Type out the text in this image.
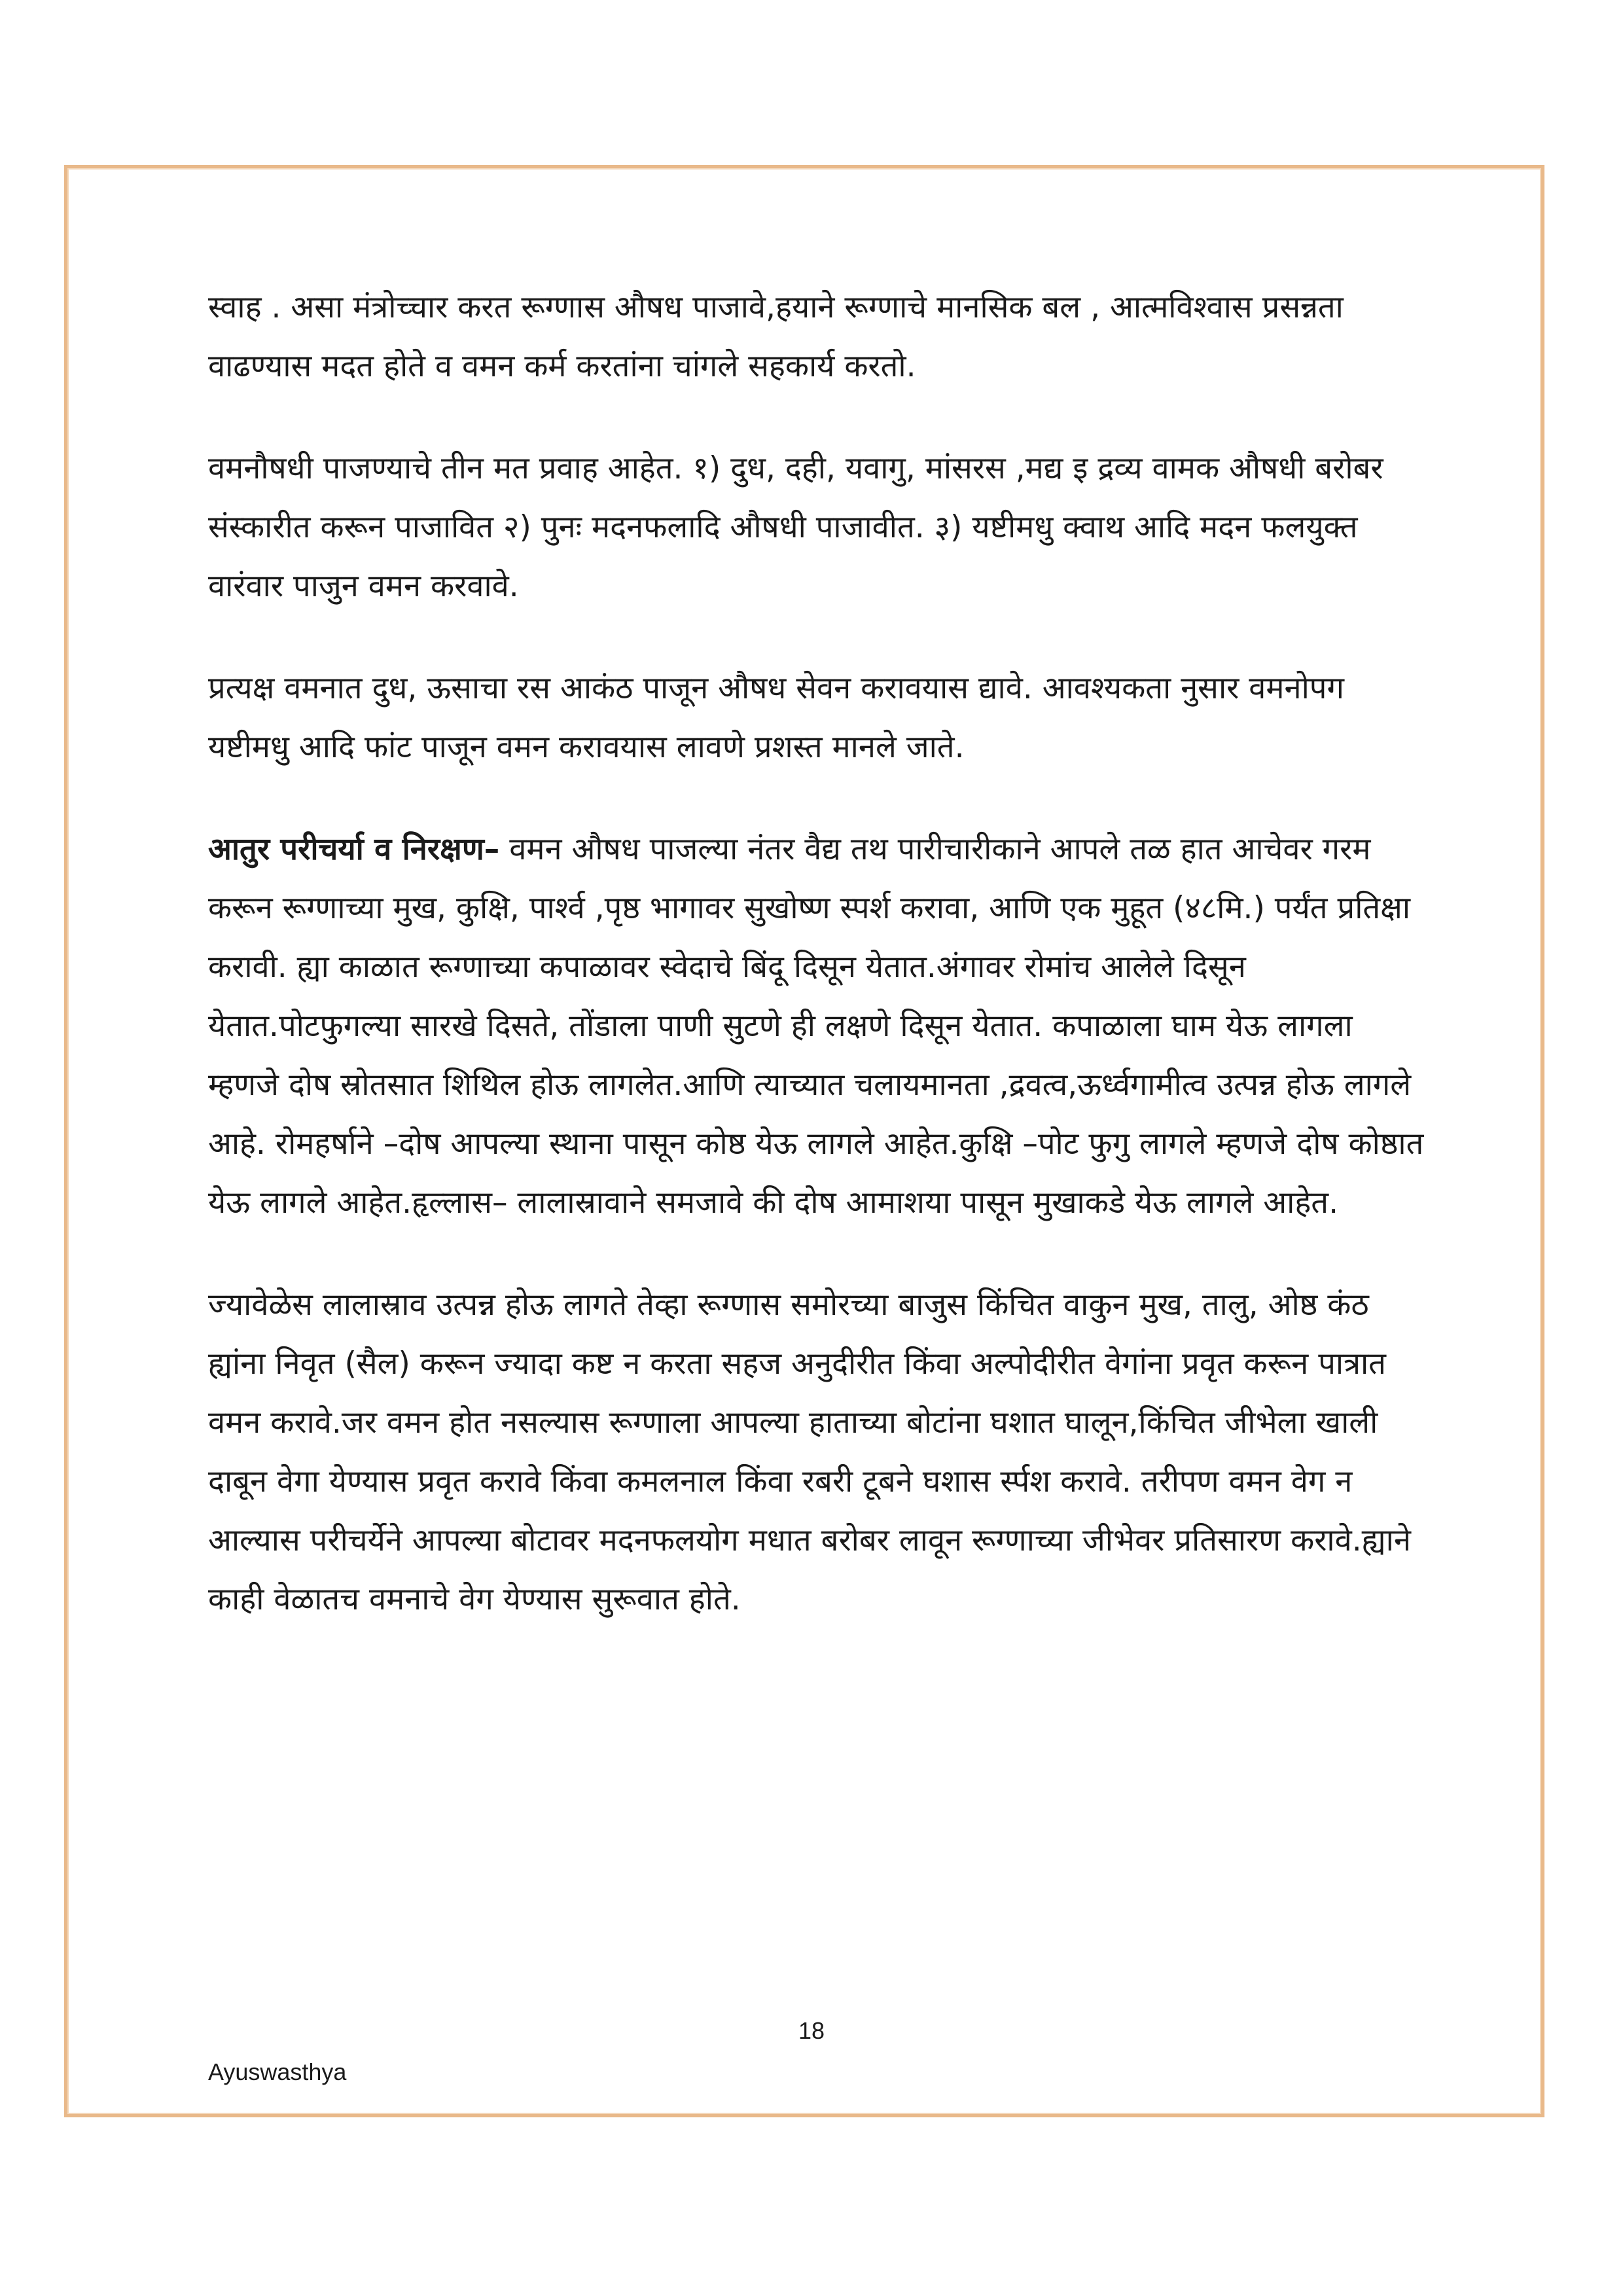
स्वाह . असा मंत्रोच्चार करत रूग्णास औषध पाजावे,हयाने रूग्णाचे मानसिक बल , आत्मविश्वास प्रसन्नता वाढण्यास मदत होते व वमन कर्म करतांना चांगले सहकार्य करतो.

वमनौषधी पाजण्याचे तीन मत प्रवाह आहेत. १) दुध, दही, यवागु, मांसरस ,मद्य इ द्रव्य वामक औषधी बरोबर संस्कारीत करून पाजावित २) पुनः मदनफलादि औषधी पाजावीत. ३) यष्टीमधु क्वाथ आदि मदन फलयुक्त वारंवार पाजुन वमन करवावे.

प्रत्यक्ष वमनात दुध, ऊसाचा रस आकंठ पाजून औषध सेवन करावयास द्यावे. आवश्यकता नुसार वमनोपग यष्टीमधु आदि फांट पाजून वमन करावयास लावणे प्रशस्त मानले जाते.

आतुर परीचर्या व निरक्षण– वमन औषध पाजल्या नंतर वैद्य तथ पारीचारीकाने आपले तळ हात आचेवर गरम करून रूग्णाच्या मुख, कुक्षि, पार्श्व ,पृष्ठ भागावर सुखोष्ण स्पर्श करावा, आणि एक मुहूत (४८मि.) पर्यंत प्रतिक्षा करावी. ह्या काळात रूग्णाच्या कपाळावर स्वेदाचे बिंदू दिसून येतात.अंगावर रोमांच आलेले दिसून येतात.पोटफुगल्या सारखे दिसते, तोंडाला पाणी सुटणे ही लक्षणे दिसून येतात. कपाळाला घाम येऊ लागला म्हणजे दोष स्रोतसात शिथिल होऊ लागलेत.आणि त्याच्यात चलायमानता ,द्रवत्व,ऊर्ध्वगामीत्व उत्पन्न होऊ लागले आहे. रोमहर्षाने –दोष आपल्या स्थाना पासून कोष्ठ येऊ लागले आहेत.कुक्षि –पोट फुगु लागले म्हणजे दोष कोष्ठात येऊ लागले आहेत.हृल्लास– लालास्रावाने समजावे की दोष आमाशया पासून मुखाकडे येऊ लागले आहेत.

ज्यावेळेस लालास्राव उत्पन्न होऊ लागते तेव्हा रूग्णास समोरच्या बाजुस किंचित वाकुन मुख, तालु, ओष्ठ कंठ ह्यांना निवृत (सैल) करून ज्यादा कष्ट न करता सहज अनुदीरीत किंवा अल्पोदीरीत वेगांना प्रवृत करून पात्रात वमन करावे.जर वमन होत नसल्यास रूग्णाला आपल्या हाताच्या बोटांना घशात घालून,किंचित जीभेला खाली दाबून वेगा येण्यास प्रवृत करावे किंवा कमलनाल किंवा रबरी टूबने घशास र्स्पश करावे. तरीपण वमन वेग न आल्यास परीचर्येने आपल्या बोटावर मदनफलयोग मधात बरोबर लावून रूग्णाच्या जीभेवर प्रतिसारण करावे.ह्याने काही वेळातच वमनाचे वेग येण्यास सुरूवात होते.

18
Ayuswasthya
